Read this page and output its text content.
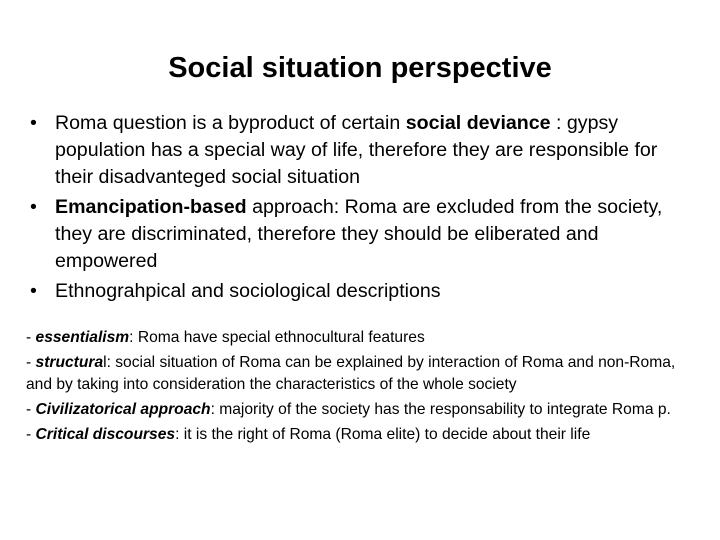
Social situation perspective
• Roma question is a byproduct of certain social deviance : gypsy population has a special way of life, therefore they are responsible for their disadvanteged social situation
• Emancipation-based approach: Roma are excluded from the society, they are discriminated, therefore they should be eliberated and empowered
• Ethnograhpical and sociological descriptions

- essentialism: Roma have special ethnocultural features

- structural: social situation of Roma can be explained by interaction of Roma and non-Roma, and by taking into consideration the characteristics of the whole society

- Civilizatorical approach: majority of the society has the responsability to integrate Roma p.

- Critical discourses: it is the right of Roma (Roma elite) to decide about their life
